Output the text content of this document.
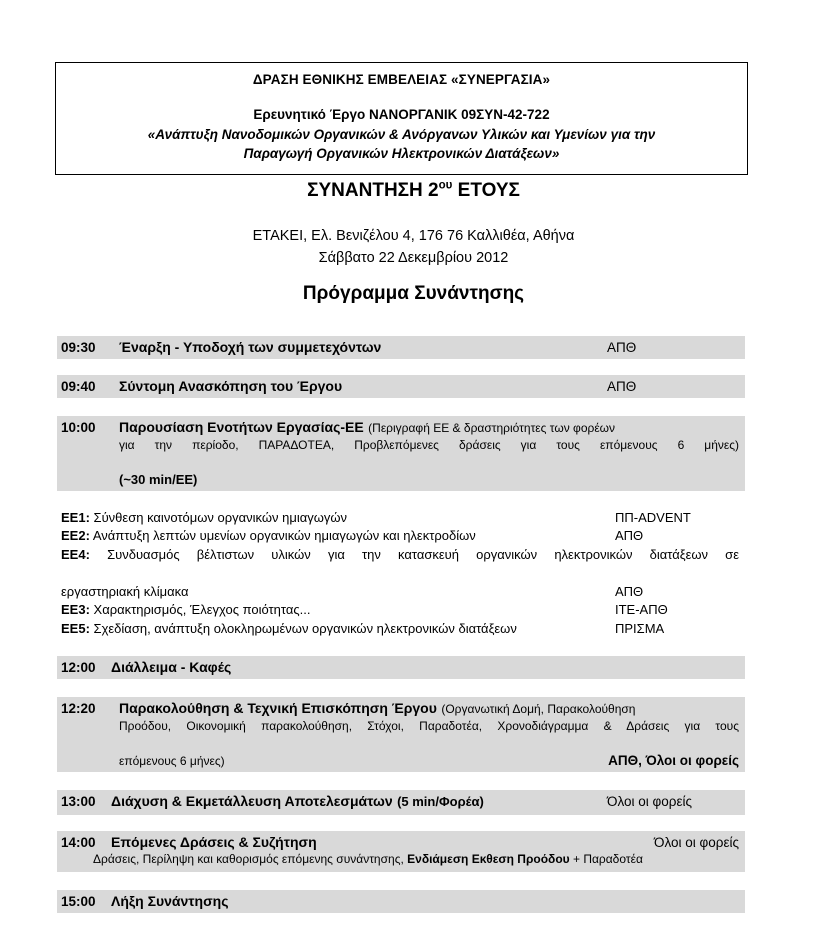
ΔΡΑΣΗ ΕΘΝΙΚΗΣ ΕΜΒΕΛΕΙΑΣ «ΣΥΝΕΡΓΑΣΙΑ»
Ερευνητικό Έργο ΝΑΝΟΡΓΑΝΙΚ 09ΣΥΝ-42-722
«Ανάπτυξη Νανοδομικών Οργανικών & Ανόργανων Υλικών και Υμενίων για την
Παραγωγή Οργανικών Ηλεκτρονικών Διατάξεων»
ΣΥΝΑΝΤΗΣΗ $2^{o\upsilon}$ ΕΤΟΥΣ
ΕΤΑΚΕΙ, Ελ. Βενιζέλου 4, 176 76 Καλλιθέα, Αθήνα
Σάββατο 22 Δεκεμβρίου 2012
Πρόγραμμα Συνάντησης
09:30	Έναρξη - Υποδοχή των συμμετεχόντων	ΑΠΘ
09:40	Σύντομη Ανασκόπηση του Έργου	ΑΠΘ
10:00	Παρουσίαση Ενοτήτων Εργασίας-ΕΕ (Περιγραφή ΕΕ & δραστηριότητες των φορέων
για την περίοδο, ΠΑΡΑΔΟΤΕΑ, Προβλεπόμενες δράσεις για τους επόμενους 6 μήνες)
(~30 min/ΕΕ)
ΕΕ1: Σύνθεση καινοτόμων οργανικών ημιαγωγών	ΠΠ-ADVENT
ΕΕ2: Ανάπτυξη λεπτών υμενίων οργανικών ημιαγωγών και ηλεκτροδίων	ΑΠΘ
ΕΕ4: Συνδυασμός βέλτιστων υλικών για την κατασκευή οργανικών ηλεκτρονικών διατάξεων σε
εργαστηριακή κλίμακα	ΑΠΘ
ΕΕ3: Χαρακτηρισμός, Έλεγχος ποιότητας...	ΙΤΕ-ΑΠΘ
ΕΕ5: Σχεδίαση, ανάπτυξη ολοκληρωμένων οργανικών ηλεκτρονικών διατάξεων	ΠΡΙΣΜΑ
12:00	Διάλλειμα - Καφές
12:20	Παρακολούθηση & Τεχνική Επισκόπηση Έργου (Οργανωτική Δομή, Παρακολούθηση
Προόδου, Οικονομική παρακολούθηση, Στόχοι, Παραδοτέα, Χρονοδιάγραμμα & Δράσεις για τους
επόμενους 6 μήνες)	ΑΠΘ, Όλοι οι φορείς
13:00	Διάχυση & Εκμετάλλευση Αποτελεσμάτων (5 min/Φορέα)	Όλοι οι φορείς
14:00	Επόμενες Δράσεις & Συζήτηση	Όλοι οι φορείς
Δράσεις, Περίληψη και καθορισμός επόμενης συνάντησης, Ενδιάμεση Εκθεση Προόδου + Παραδοτέα
15:00	Λήξη Συνάντησης
